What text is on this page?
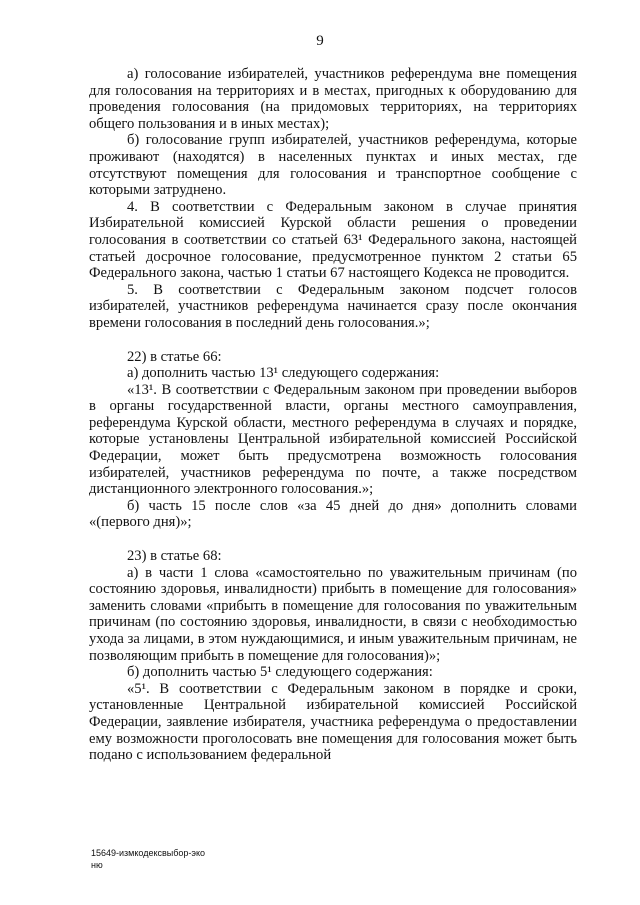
9

а) голосование избирателей, участников референдума вне помещения для голосования на территориях и в местах, пригодных к оборудованию для проведения голосования (на придомовых территориях, на территориях общего пользования и в иных местах);

б) голосование групп избирателей, участников референдума, которые проживают (находятся) в населенных пунктах и иных местах, где отсутствуют помещения для голосования и транспортное сообщение с которыми затруднено.

4. В соответствии с Федеральным законом в случае принятия Избирательной комиссией Курской области решения о проведении голосования в соответствии со статьей 63¹ Федерального закона, настоящей статьей досрочное голосование, предусмотренное пунктом 2 статьи 65 Федерального закона, частью 1 статьи 67 настоящего Кодекса не проводится.

5. В соответствии с Федеральным законом подсчет голосов избирателей, участников референдума начинается сразу после окончания времени голосования в последний день голосования.»;

22) в статье 66:

а) дополнить частью 13¹ следующего содержания:

«13¹. В соответствии с Федеральным законом при проведении выборов в органы государственной власти, органы местного самоуправления, референдума Курской области, местного референдума в случаях и порядке, которые установлены Центральной избирательной комиссией Российской Федерации, может быть предусмотрена возможность голосования избирателей, участников референдума по почте, а также посредством дистанционного электронного голосования.»;

б) часть 15 после слов «за 45 дней до дня» дополнить словами «(первого дня)»;

23) в статье 68:

а) в части 1 слова «самостоятельно по уважительным причинам (по состоянию здоровья, инвалидности) прибыть в помещение для голосования» заменить словами «прибыть в помещение для голосования по уважительным причинам (по состоянию здоровья, инвалидности, в связи с необходимостью ухода за лицами, в этом нуждающимися, и иным уважительным причинам, не позволяющим прибыть в помещение для голосования)»;

б) дополнить частью 5¹ следующего содержания:

«5¹. В соответствии с Федеральным законом в порядке и сроки, установленные Центральной избирательной комиссией Российской Федерации, заявление избирателя, участника референдума о предоставлении ему возможности проголосовать вне помещения для голосования может быть подано с использованием федеральной

15649-измкодексвыбор-эко
ню
